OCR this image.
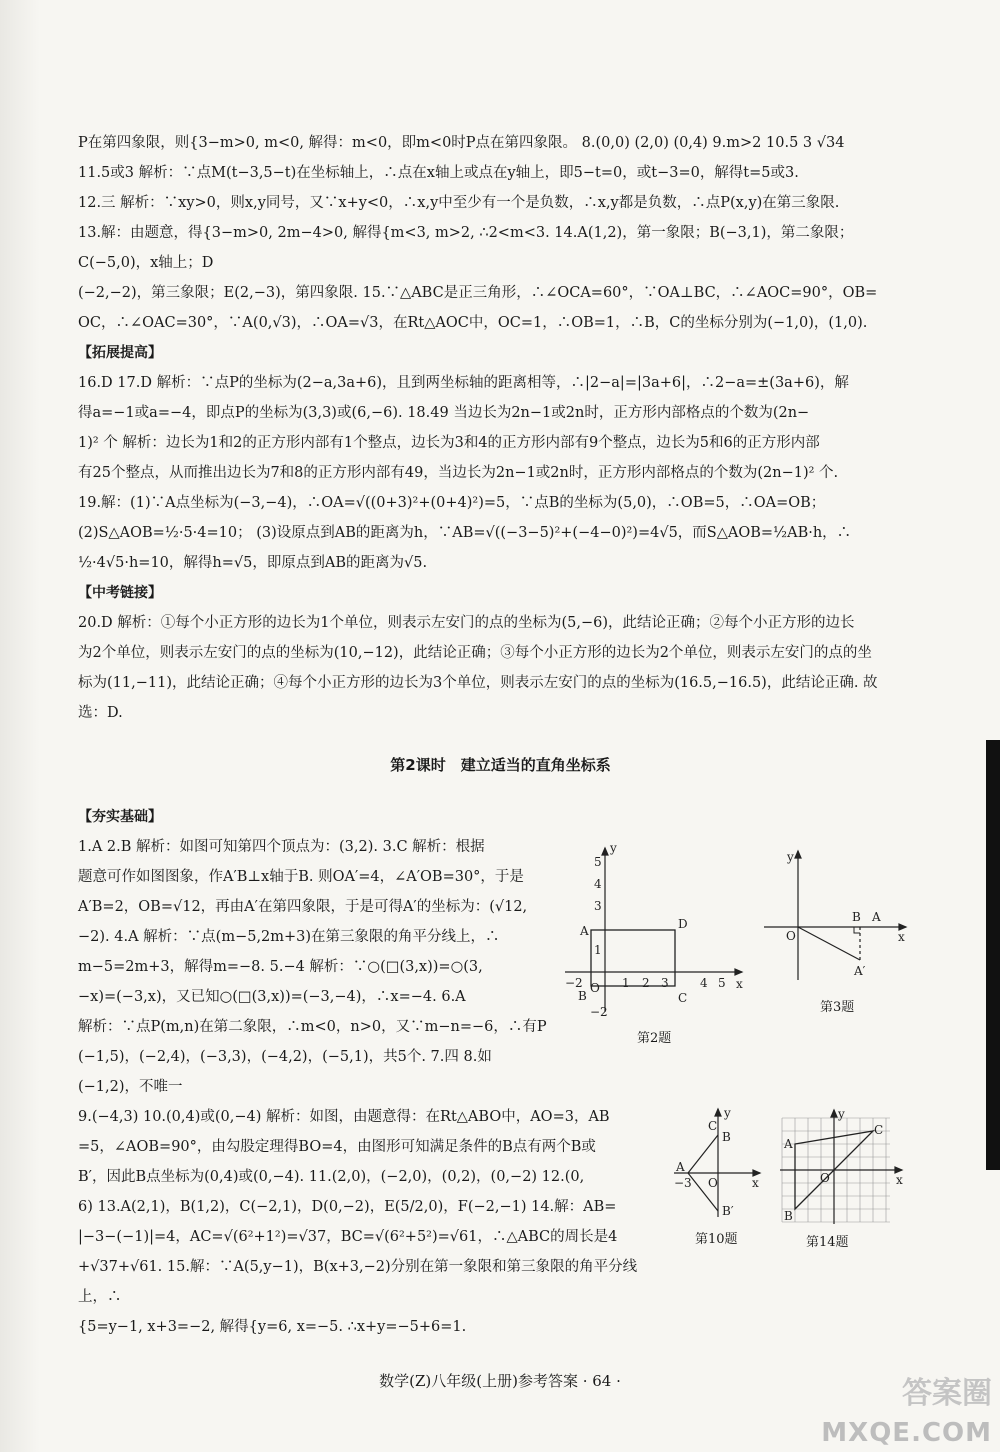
P在第四象限，则{3−m>0, m<0, 解得：m<0，即m<0时P点在第四象限。 8.(0,0) (2,0) (0,4) 9.m>2 10.5 3 √34

11.5或3 解析：∵点M(t−3,5−t)在坐标轴上，∴点在x轴上或点在y轴上，即5−t=0，或t−3=0，解得t=5或3.

12.三 解析：∵xy>0，则x,y同号，又∵x+y<0，∴x,y中至少有一个是负数，∴x,y都是负数，∴点P(x,y)在第三象限.

13.解：由题意，得{3−m>0, 2m−4>0, 解得{m<3, m>2, ∴2<m<3. 14.A(1,2)，第一象限；B(−3,1)，第二象限；C(−5,0)，x轴上；D

(−2,−2)，第三象限；E(2,−3)，第四象限. 15.∵△ABC是正三角形，∴∠OCA=60°，∵OA⊥BC，∴∠AOC=90°，OB=

OC，∴∠OAC=30°，∵A(0,√3)，∴OA=√3，在Rt△AOC中，OC=1，∴OB=1，∴B，C的坐标分别为(−1,0)，(1,0).

【拓展提高】

16.D 17.D 解析：∵点P的坐标为(2−a,3a+6)，且到两坐标轴的距离相等，∴|2−a|=|3a+6|，∴2−a=±(3a+6)，解

得a=−1或a=−4，即点P的坐标为(3,3)或(6,−6). 18.49 当边长为2n−1或2n时，正方形内部格点的个数为(2n−

1)² 个 解析：边长为1和2的正方形内部有1个整点，边长为3和4的正方形内部有9个整点，边长为5和6的正方形内部

有25个整点，从而推出边长为7和8的正方形内部有49，当边长为2n−1或2n时，正方形内部格点的个数为(2n−1)² 个.

19.解：(1)∵A点坐标为(−3,−4)，∴OA=√((0+3)²+(0+4)²)=5，∵点B的坐标为(5,0)，∴OB=5，∴OA=OB；

(2)S△AOB=½·5·4=10； (3)设原点到AB的距离为h，∵AB=√((−3−5)²+(−4−0)²)=4√5，而S△AOB=½AB·h，∴

½·4√5·h=10，解得h=√5，即原点到AB的距离为√5.

【中考链接】

20.D 解析：①每个小正方形的边长为1个单位，则表示左安门的点的坐标为(5,−6)，此结论正确；②每个小正方形的边长

为2个单位，则表示左安门的点的坐标为(10,−12)，此结论正确；③每个小正方形的边长为2个单位，则表示左安门的点的坐

标为(11,−11)，此结论正确；④每个小正方形的边长为3个单位，则表示左安门的点的坐标为(16.5,−16.5)，此结论正确. 故

选：D.

第2课时　建立适当的直角坐标系

【夯实基础】

1.A 2.B 解析：如图可知第四个顶点为：(3,2). 3.C 解析：根据

题意可作如图图象，作A′B⊥x轴于B. 则OA′=4，∠A′OB=30°，于是

A′B=2，OB=√12，再由A′在第四象限，于是可得A′的坐标为：(√12,

−2). 4.A 解析：∵点(m−5,2m+3)在第三象限的角平分线上，∴

m−5=2m+3，解得m=−8. 5.−4 解析：∵○(□(3,x))=○(3,

−x)=(−3,x)，又已知○(□(3,x))=(−3,−4)，∴x=−4. 6.A

解析：∵点P(m,n)在第二象限，∴m<0，n>0，又∵m−n=−6，∴有P

(−1,5)，(−2,4)，(−3,3)，(−4,2)，(−5,1)，共5个. 7.四 8.如

(−1,2)，不唯一

9.(−4,3) 10.(0,4)或(0,−4) 解析：如图，由题意得：在Rt△ABO中，AO=3，AB

=5，∠AOB=90°，由勾股定理得BO=4，由图形可知满足条件的B点有两个B或

B′，因此B点坐标为(0,4)或(0,−4). 11.(2,0)，(−2,0)，(0,2)，(0,−2) 12.(0,

6) 13.A(2,1)，B(1,2)，C(−2,1)，D(0,−2)，E(5/2,0)，F(−2,−1) 14.解：AB=

|−3−(−1)|=4，AC=√(6²+1²)=√37，BC=√(6²+5²)=√61，∴△ABC的周长是4

+√37+√61. 15.解：∵A(5,y−1)，B(x+3,−2)分别在第一象限和第三象限的角平分线上，∴

{5=y−1, x+3=−2, 解得{y=6, x=−5. ∴x+y=−5+6=1.

y
x
O
A	D
B	C
5
4
3
1
−2
−2	1 2 3	4 5
第2题
y
x
O
B A
A′
第3题
y
x
C
B
A
−3 O
B′
第10题
y
x
A
C
O
B
第14题
数学(Z)八年级(上册)参考答案 · 64 ·	答案圈
MXQE.COM
